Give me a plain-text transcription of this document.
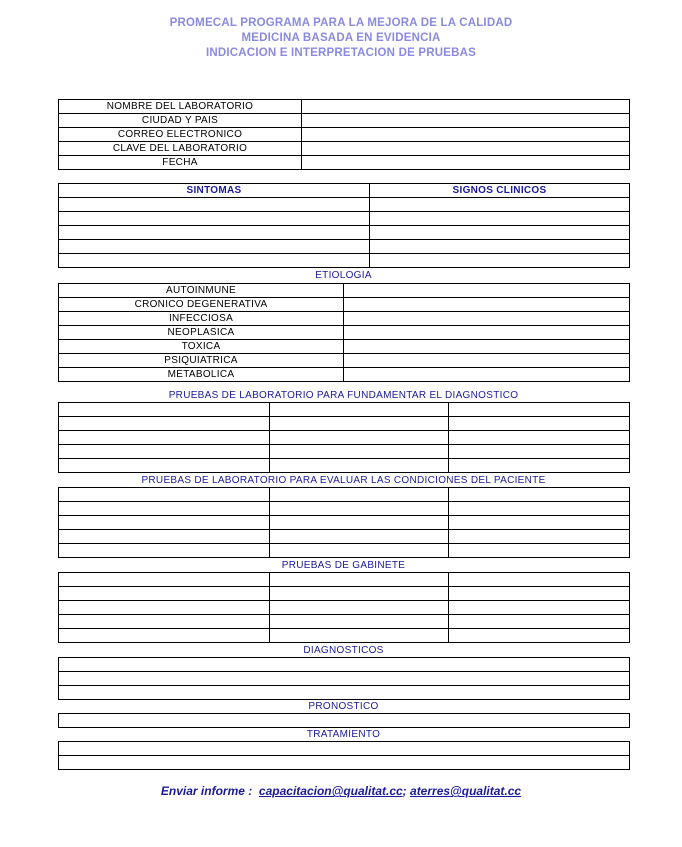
PROMECAL PROGRAMA PARA LA MEJORA DE LA CALIDAD
MEDICINA BASADA EN EVIDENCIA
INDICACION E INTERPRETACION DE PRUEBAS
NOMBRE DEL LABORATORIO	
CIUDAD Y PAIS	
CORREO ELECTRONICO	
CLAVE DEL LABORATORIO	
FECHA	
SINTOMAS	SIGNOS CLINICOS

ETIOLOGIA
AUTOINMUNE	
CRONICO DEGENERATIVA	
INFECCIOSA	
NEOPLASICA	
TOXICA	
PSIQUIATRICA	
METABOLICA	
PRUEBAS DE LABORATORIO PARA FUNDAMENTAR EL DIAGNOSTICO

PRUEBAS DE LABORATORIO PARA EVALUAR LAS CONDICIONES DEL PACIENTE

PRUEBAS DE GABINETE

DIAGNOSTICOS

PRONOSTICO
TRATAMIENTO

Enviar informe : capacitacion@qualitat.cc; aterres@qualitat.cc
